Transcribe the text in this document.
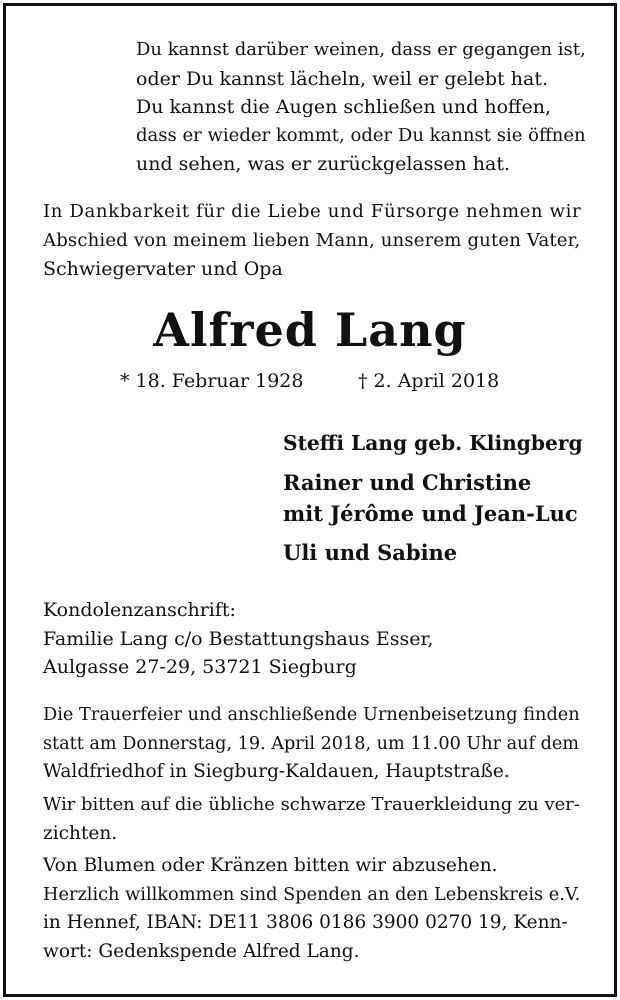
Du kannst darüber weinen, dass er gegangen ist,
oder Du kannst lächeln, weil er gelebt hat.
Du kannst die Augen schließen und hoffen,
dass er wieder kommt, oder Du kannst sie öffnen
und sehen, was er zurückgelassen hat.
In Dankbarkeit für die Liebe und Fürsorge nehmen wir
Abschied von meinem lieben Mann, unserem guten Vater,
Schwiegervater und Opa
Alfred Lang
* 18. Februar 1928	† 2. April 2018
Steffi Lang geb. Klingberg
Rainer und Christine
mit Jérôme und Jean-Luc
Uli und Sabine
Kondolenzanschrift:
Familie Lang c/o Bestattungshaus Esser,
Aulgasse 27-29, 53721 Siegburg
Die Trauerfeier und anschließende Urnenbeisetzung finden
statt am Donnerstag, 19. April 2018, um 11.00 Uhr auf dem
Waldfriedhof in Siegburg-Kaldauen, Hauptstraße.
Wir bitten auf die übliche schwarze Trauerkleidung zu ver-
zichten.
Von Blumen oder Kränzen bitten wir abzusehen.
Herzlich willkommen sind Spenden an den Lebenskreis e.V.
in Hennef, IBAN: DE11 3806 0186 3900 0270 19, Kenn-
wort: Gedenkspende Alfred Lang.
